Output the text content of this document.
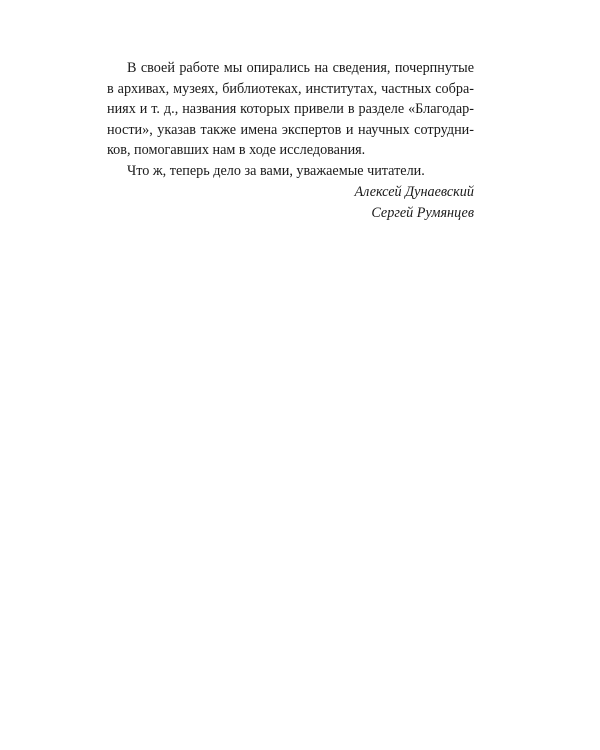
В своей работе мы опирались на сведения, почерпнутые
в архивах, музеях, библиотеках, институтах, частных собра-
ниях и т. д., названия которых привели в разделе «Благодар-
ности», указав также имена экспертов и научных сотрудни-
ков, помогавших нам в ходе исследования.
Что ж, теперь дело за вами, уважаемые читатели.
Алексей Дунаевский
Сергей Румянцев
